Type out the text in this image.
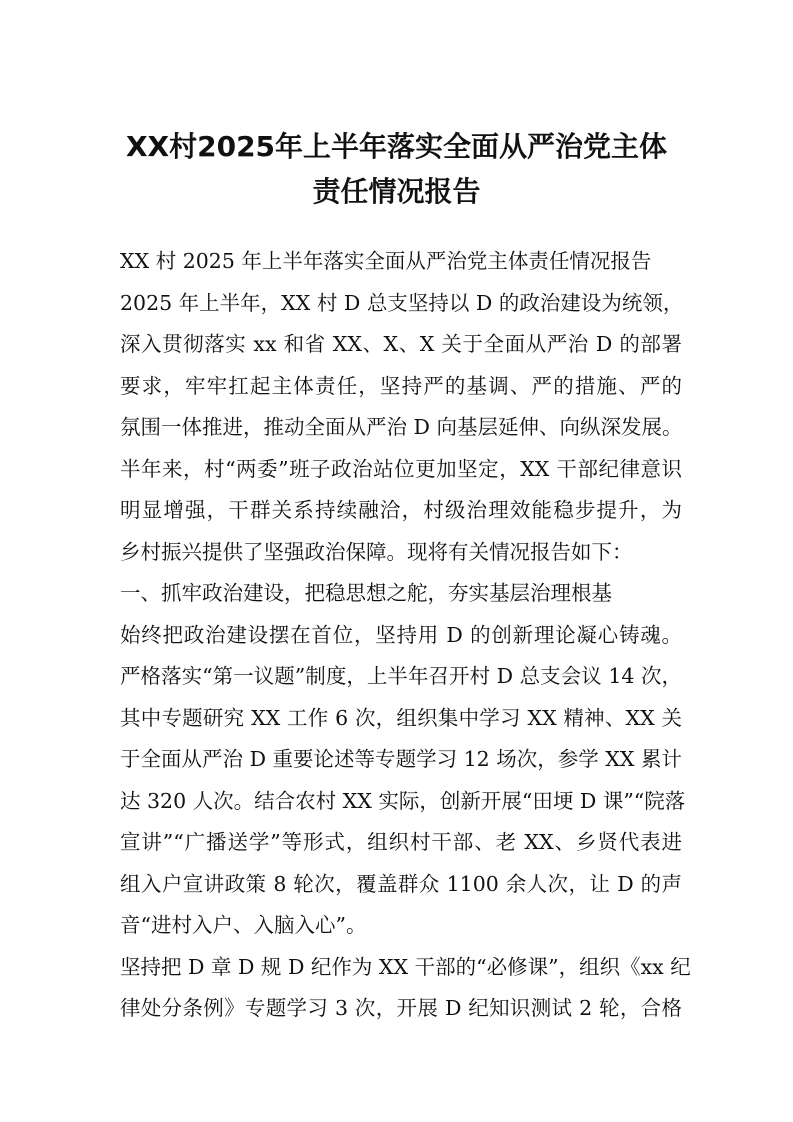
XX村2025年上半年落实全面从严治党主体
责任情况报告
XX 村 2025 年上半年落实全面从严治党主体责任情况报告
2025 年上半年，XX 村 D 总支坚持以 D 的政治建设为统领，
深入贯彻落实 xx 和省 XX、X、X 关于全面从严治 D 的部署
要求，牢牢扛起主体责任，坚持严的基调、严的措施、严的
氛围一体推进，推动全面从严治 D 向基层延伸、向纵深发展。
半年来，村“两委”班子政治站位更加坚定，XX 干部纪律意识
明显增强，干群关系持续融洽，村级治理效能稳步提升，为
乡村振兴提供了坚强政治保障。现将有关情况报告如下：
一、抓牢政治建设，把稳思想之舵，夯实基层治理根基
始终把政治建设摆在首位，坚持用 D 的创新理论凝心铸魂。
严格落实“第一议题”制度，上半年召开村 D 总支会议 14 次，
其中专题研究 XX 工作 6 次，组织集中学习 XX 精神、XX 关
于全面从严治 D 重要论述等专题学习 12 场次，参学 XX 累计
达 320 人次。结合农村 XX 实际，创新开展“田埂 D 课”“院落
宣讲”“广播送学”等形式，组织村干部、老 XX、乡贤代表进
组入户宣讲政策 8 轮次，覆盖群众 1100 余人次，让 D 的声
音“进村入户、入脑入心”。
坚持把 D 章 D 规 D 纪作为 XX 干部的“必修课”，组织《xx 纪
律处分条例》专题学习 3 次，开展 D 纪知识测试 2 轮，合格
